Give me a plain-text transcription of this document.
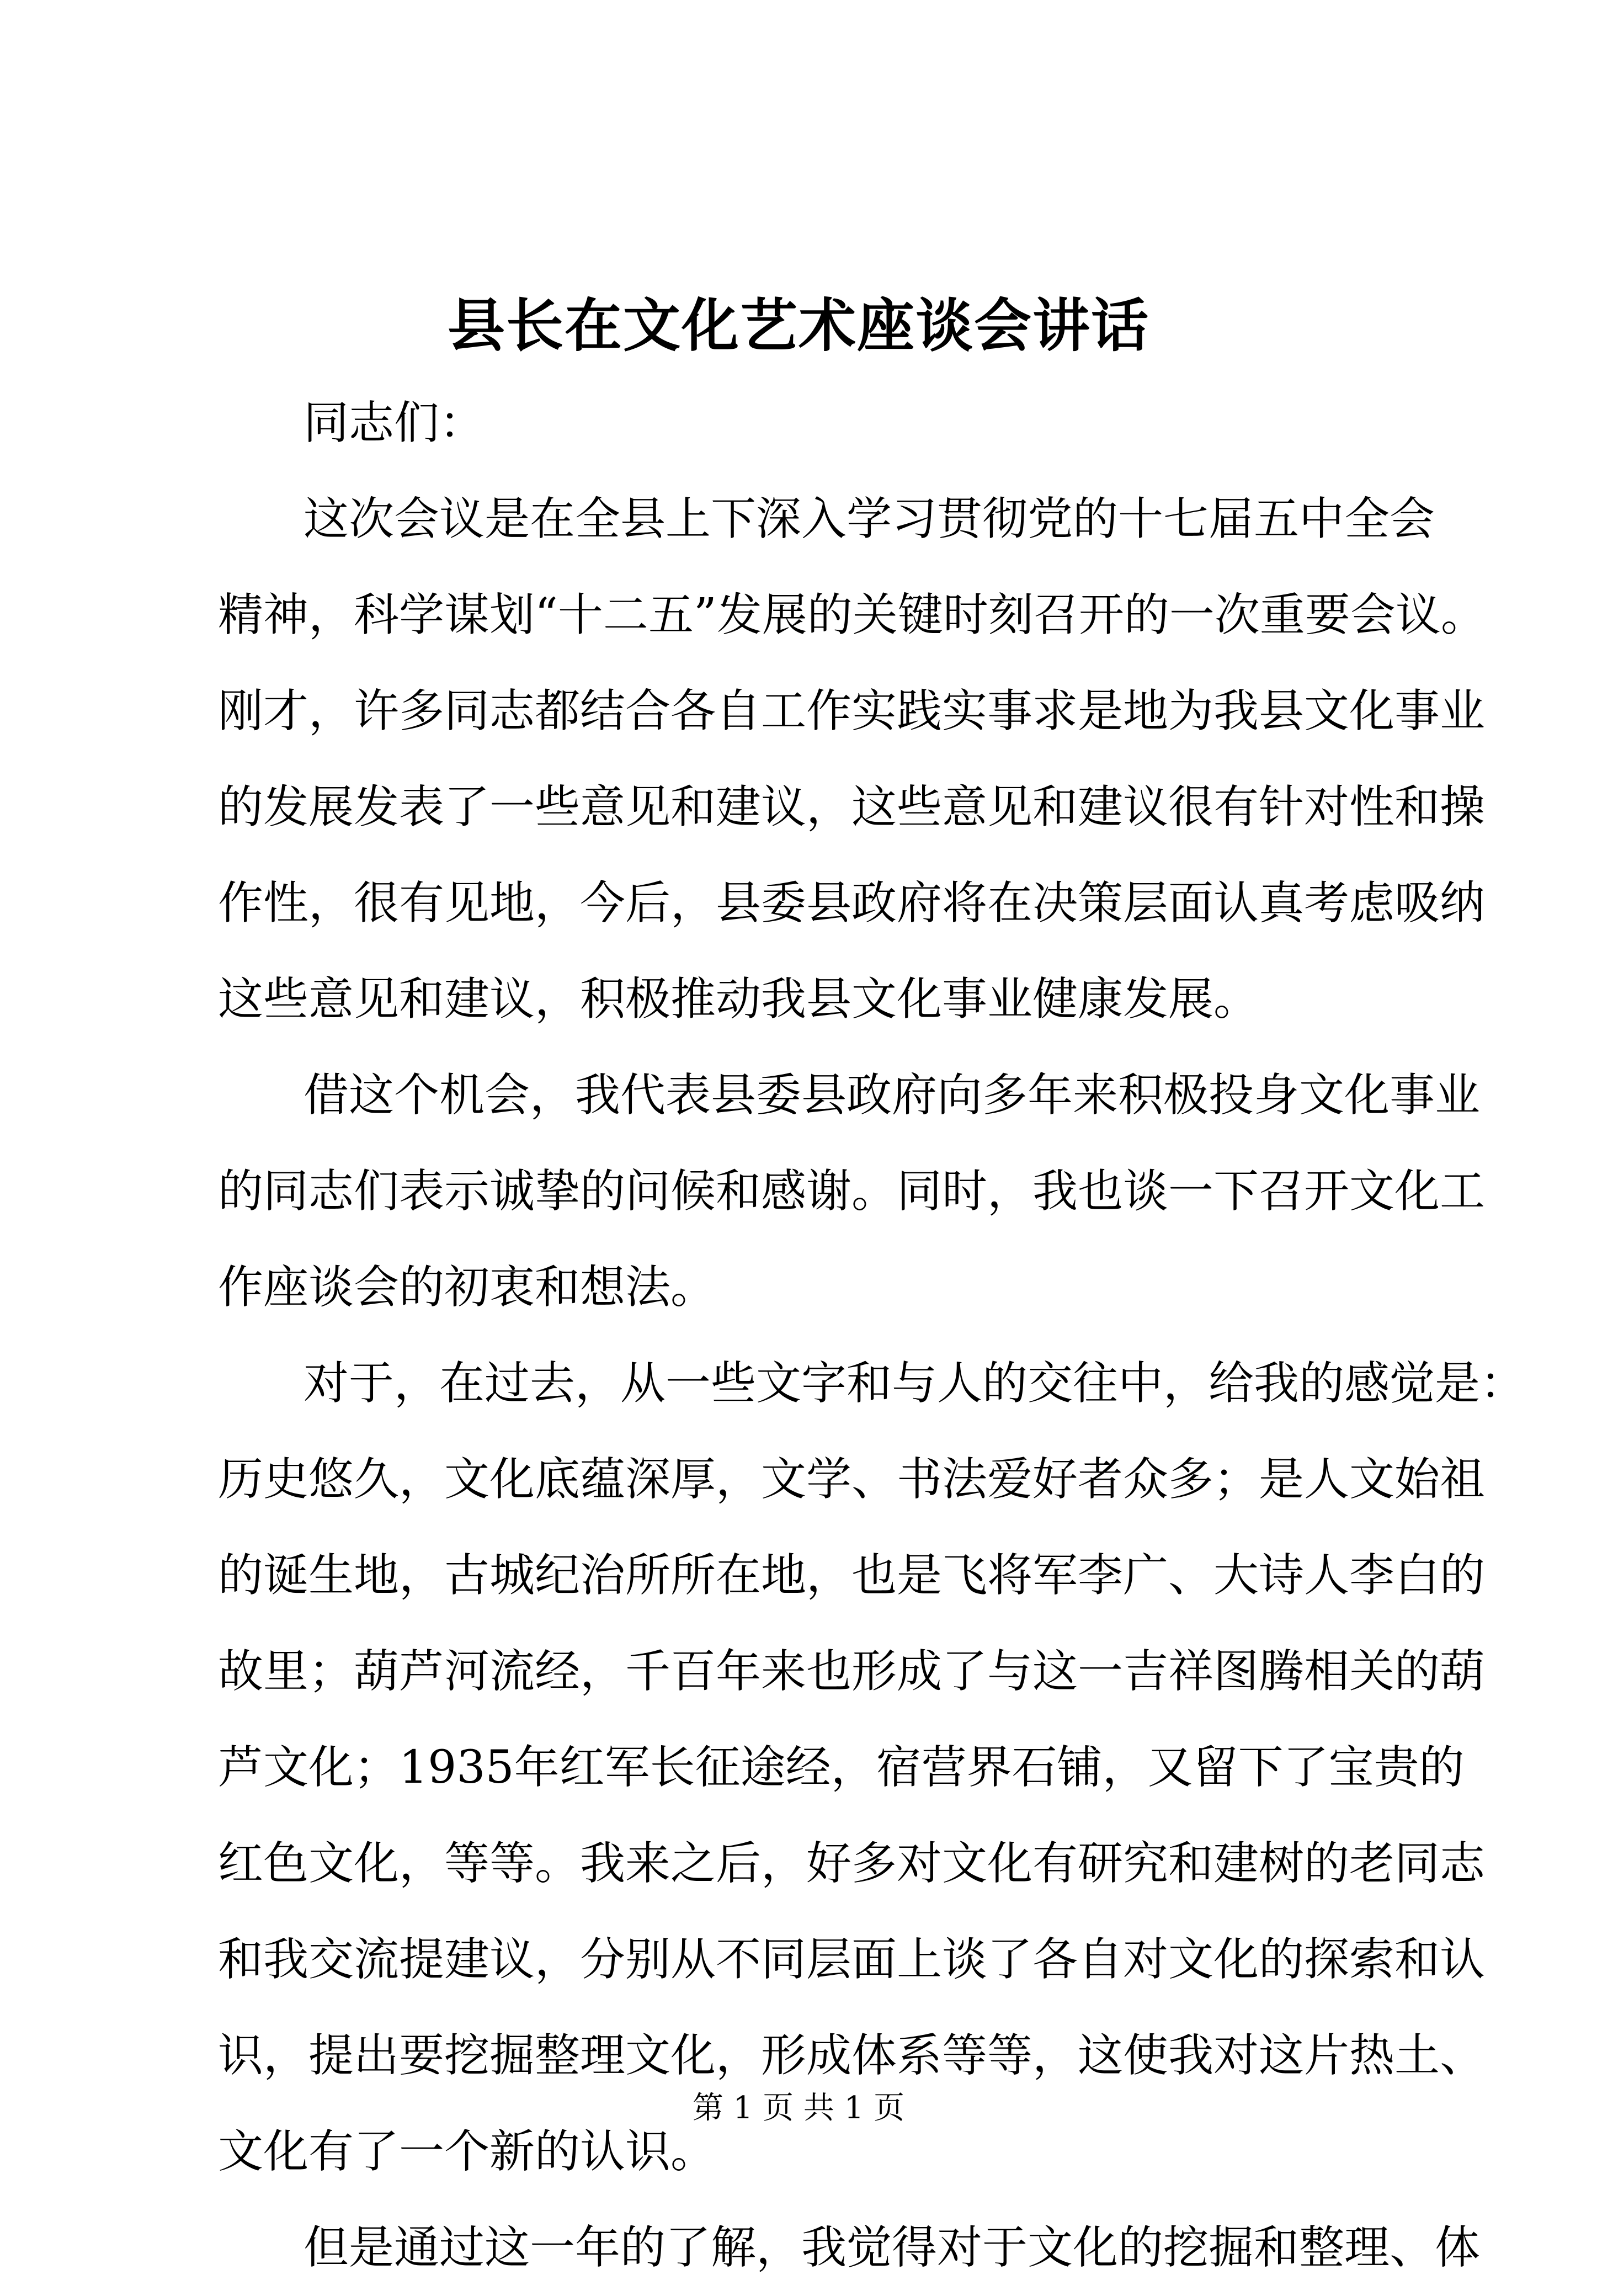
县长在文化艺术座谈会讲话
同志们：
这次会议是在全县上下深入学习贯彻党的十七届五中全会
精神，科学谋划“十二五”发展的关键时刻召开的一次重要会议。
刚才，许多同志都结合各自工作实践实事求是地为我县文化事业
的发展发表了一些意见和建议，这些意见和建议很有针对性和操
作性，很有见地，今后，县委县政府将在决策层面认真考虑吸纳
这些意见和建议，积极推动我县文化事业健康发展。
借这个机会，我代表县委县政府向多年来积极投身文化事业
的同志们表示诚挚的问候和感谢。同时，我也谈一下召开文化工
作座谈会的初衷和想法。
对于，在过去，从一些文字和与人的交往中，给我的感觉是：
历史悠久，文化底蕴深厚，文学、书法爱好者众多；是人文始祖
的诞生地，古城纪治所所在地，也是飞将军李广、大诗人李白的
故里；葫芦河流经，千百年来也形成了与这一吉祥图腾相关的葫
芦文化；1935年红军长征途经，宿营界石铺，又留下了宝贵的
红色文化，等等。我来之后，好多对文化有研究和建树的老同志
和我交流提建议，分别从不同层面上谈了各自对文化的探索和认
识，提出要挖掘整理文化，形成体系等等，这使我对这片热土、
文化有了一个新的认识。
但是通过这一年的了解，我觉得对于文化的挖掘和整理、体
第 1 页 共 1 页
